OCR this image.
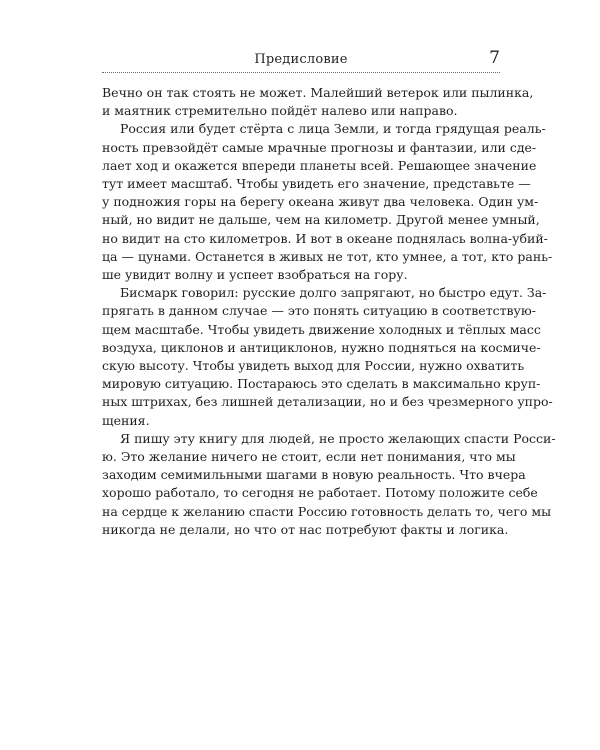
Предисловие	7

Вечно он так стоять не может. Малейший ветерок или пылинка,
и маятник стремительно пойдёт налево или направо.

Россия или будет стёрта с лица Земли, и тогда грядущая реаль-
ность превзойдёт самые мрачные прогнозы и фантазии, или сде-
лает ход и окажется впереди планеты всей. Решающее значение
тут имеет масштаб. Чтобы увидеть его значение, представьте —
у подножия горы на берегу океана живут два человека. Один ум-
ный, но видит не дальше, чем на километр. Другой менее умный,
но видит на сто километров. И вот в океане поднялась волна-убий-
ца — цунами. Останется в живых не тот, кто умнее, а тот, кто рань-
ше увидит волну и успеет взобраться на гору.

Бисмарк говорил: русские долго запрягают, но быстро едут. За-
прягать в данном случае — это понять ситуацию в соответствую-
щем масштабе. Чтобы увидеть движение холодных и тёплых масс
воздуха, циклонов и антициклонов, нужно подняться на космиче-
скую высоту. Чтобы увидеть выход для России, нужно охватить
мировую ситуацию. Постараюсь это сделать в максимально круп-
ных штрихах, без лишней детализации, но и без чрезмерного упро-
щения.

Я пишу эту книгу для людей, не просто желающих спасти Росси-
ю. Это желание ничего не стоит, если нет понимания, что мы
заходим семимильными шагами в новую реальность. Что вчера
хорошо работало, то сегодня не работает. Потому положите себе
на сердце к желанию спасти Россию готовность делать то, чего мы
никогда не делали, но что от нас потребуют факты и логика.
